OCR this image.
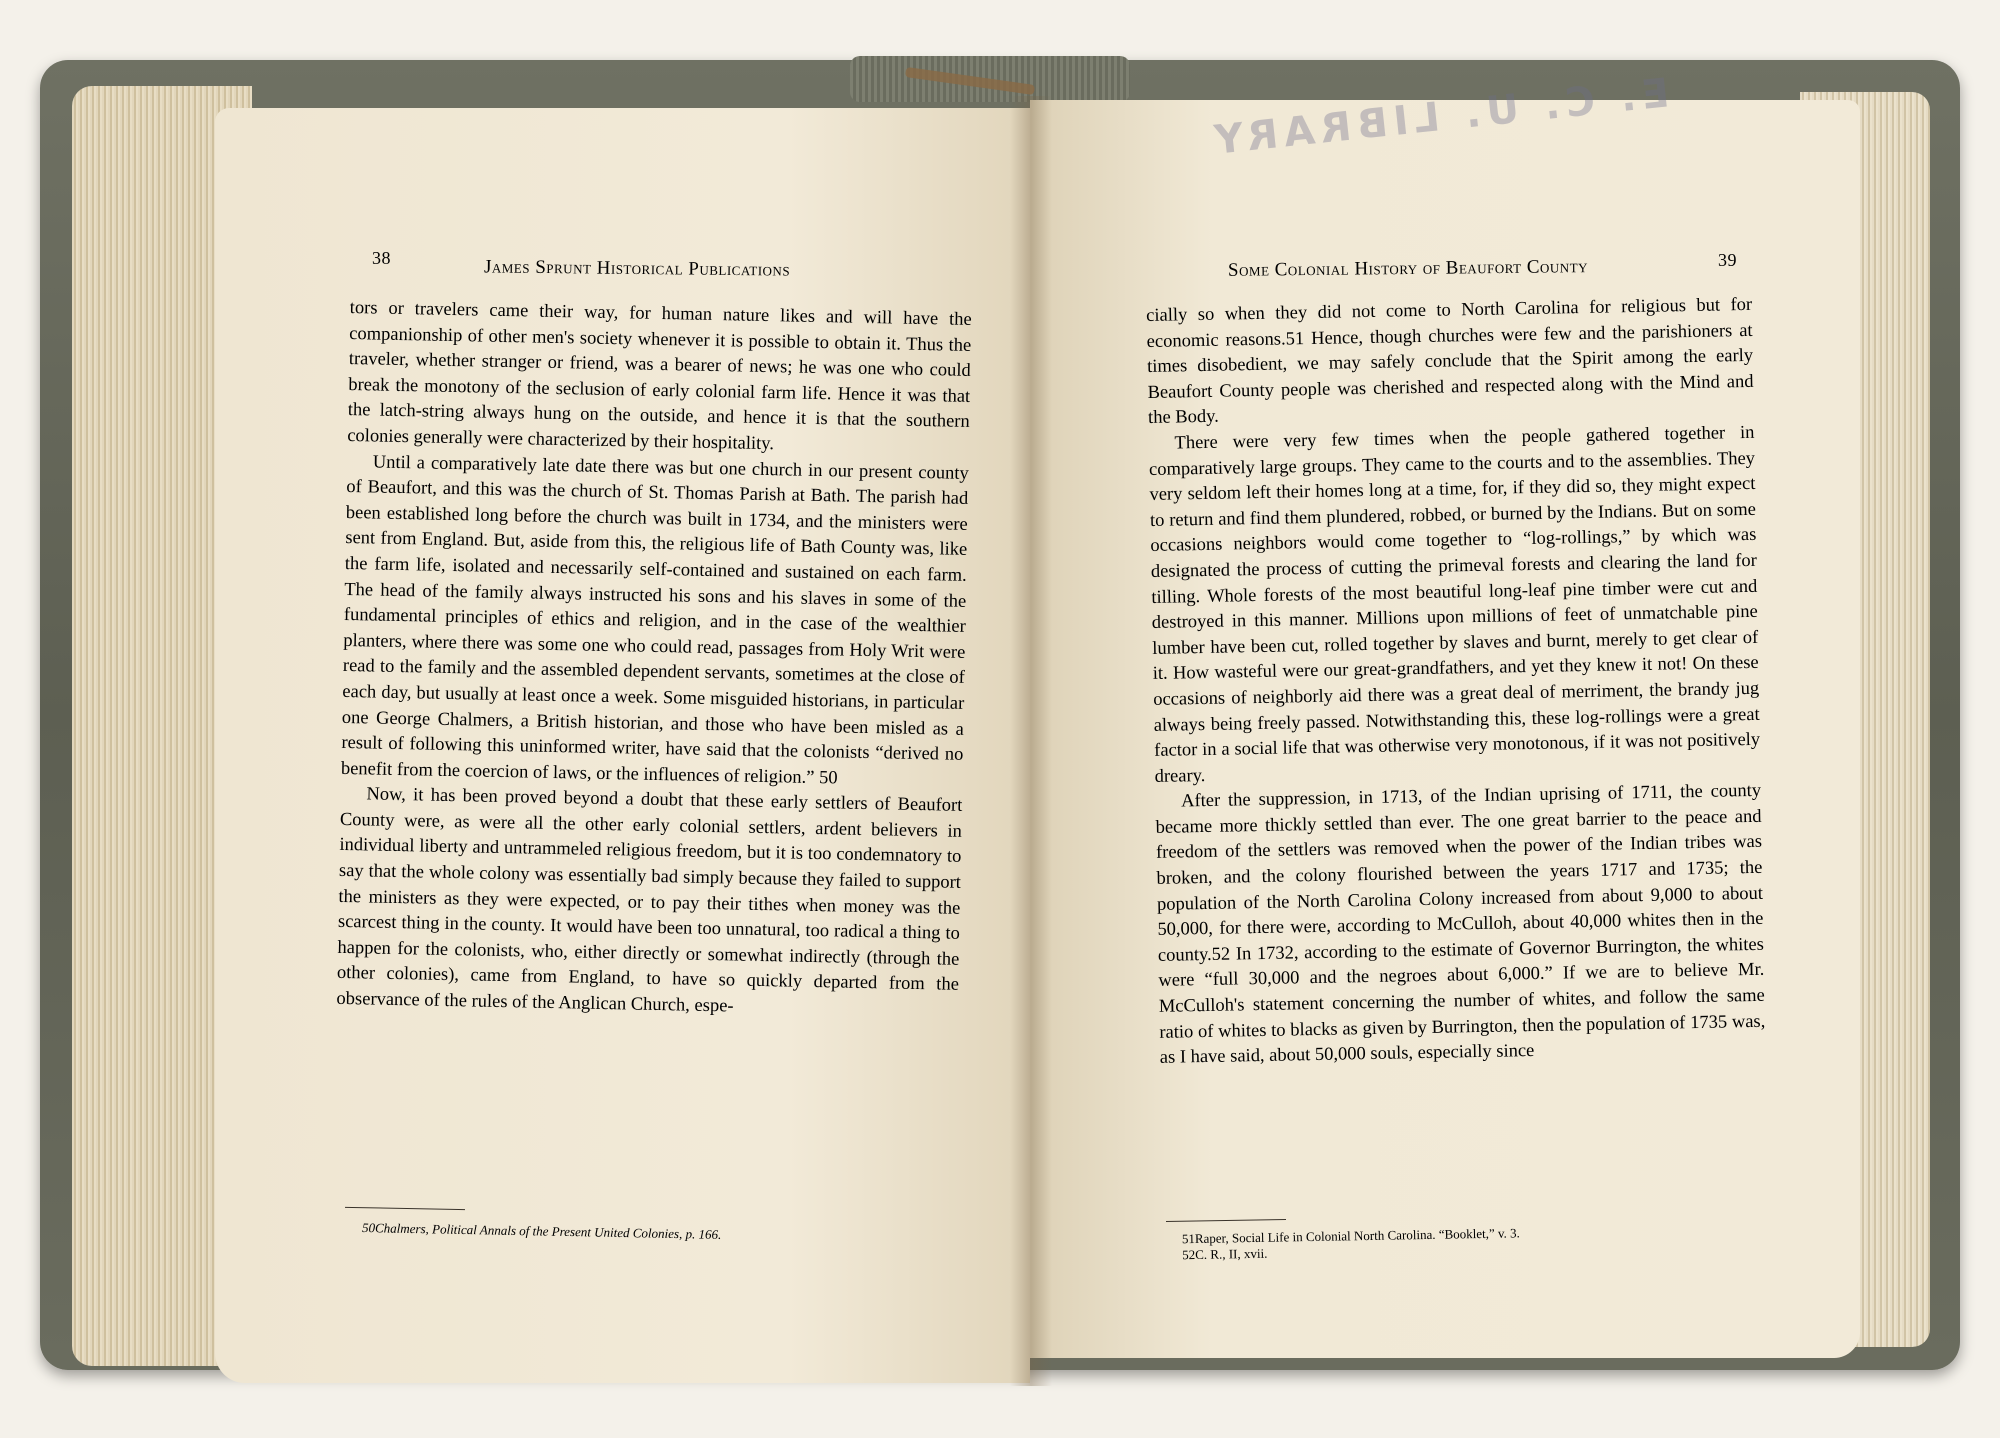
E. C. U. LIBRARY
38	James Sprunt Historical Publications

tors or travelers came their way, for human nature likes and will have the companionship of other men's society whenever it is possible to obtain it. Thus the traveler, whether stranger or friend, was a bearer of news; he was one who could break the monotony of the seclusion of early colonial farm life. Hence it was that the latch-string always hung on the outside, and hence it is that the southern colonies generally were characterized by their hospitality.

Until a comparatively late date there was but one church in our present county of Beaufort, and this was the church of St. Thomas Parish at Bath. The parish had been established long before the church was built in 1734, and the ministers were sent from England. But, aside from this, the religious life of Bath County was, like the farm life, isolated and necessarily self-contained and sustained on each farm. The head of the family always instructed his sons and his slaves in some of the fundamental principles of ethics and religion, and in the case of the wealthier planters, where there was some one who could read, passages from Holy Writ were read to the family and the assembled dependent servants, sometimes at the close of each day, but usually at least once a week. Some misguided historians, in particular one George Chalmers, a British historian, and those who have been misled as a result of following this uninformed writer, have said that the colonists “derived no benefit from the coercion of laws, or the influences of religion.” 50

Now, it has been proved beyond a doubt that these early settlers of Beaufort County were, as were all the other early colonial settlers, ardent believers in individual liberty and untrammeled religious freedom, but it is too condemnatory to say that the whole colony was essentially bad simply because they failed to support the ministers as they were expected, or to pay their tithes when money was the scarcest thing in the county. It would have been too unnatural, too radical a thing to happen for the colonists, who, either directly or somewhat indirectly (through the other colonies), came from England, to have so quickly departed from the observance of the rules of the Anglican Church, espe-

50Chalmers, Political Annals of the Present United Colonies, p. 166.
Some Colonial History of Beaufort County	39

cially so when they did not come to North Carolina for religious but for economic reasons.51 Hence, though churches were few and the parishioners at times disobedient, we may safely conclude that the Spirit among the early Beaufort County people was cherished and respected along with the Mind and the Body.

There were very few times when the people gathered together in comparatively large groups. They came to the courts and to the assemblies. They very seldom left their homes long at a time, for, if they did so, they might expect to return and find them plundered, robbed, or burned by the Indians. But on some occasions neighbors would come together to “log-rollings,” by which was designated the process of cutting the primeval forests and clearing the land for tilling. Whole forests of the most beautiful long-leaf pine timber were cut and destroyed in this manner. Millions upon millions of feet of unmatchable pine lumber have been cut, rolled together by slaves and burnt, merely to get clear of it. How wasteful were our great-grandfathers, and yet they knew it not! On these occasions of neighborly aid there was a great deal of merriment, the brandy jug always being freely passed. Notwithstanding this, these log-rollings were a great factor in a social life that was otherwise very monotonous, if it was not positively dreary.

After the suppression, in 1713, of the Indian uprising of 1711, the county became more thickly settled than ever. The one great barrier to the peace and freedom of the settlers was removed when the power of the Indian tribes was broken, and the colony flourished between the years 1717 and 1735; the population of the North Carolina Colony increased from about 9,000 to about 50,000, for there were, according to McCulloh, about 40,000 whites then in the county.52 In 1732, according to the estimate of Governor Burrington, the whites were “full 30,000 and the negroes about 6,000.” If we are to believe Mr. McCulloh's statement concerning the number of whites, and follow the same ratio of whites to blacks as given by Burrington, then the population of 1735 was, as I have said, about 50,000 souls, especially since

51Raper, Social Life in Colonial North Carolina. “Booklet,” v. 3.
52C. R., II, xvii.
